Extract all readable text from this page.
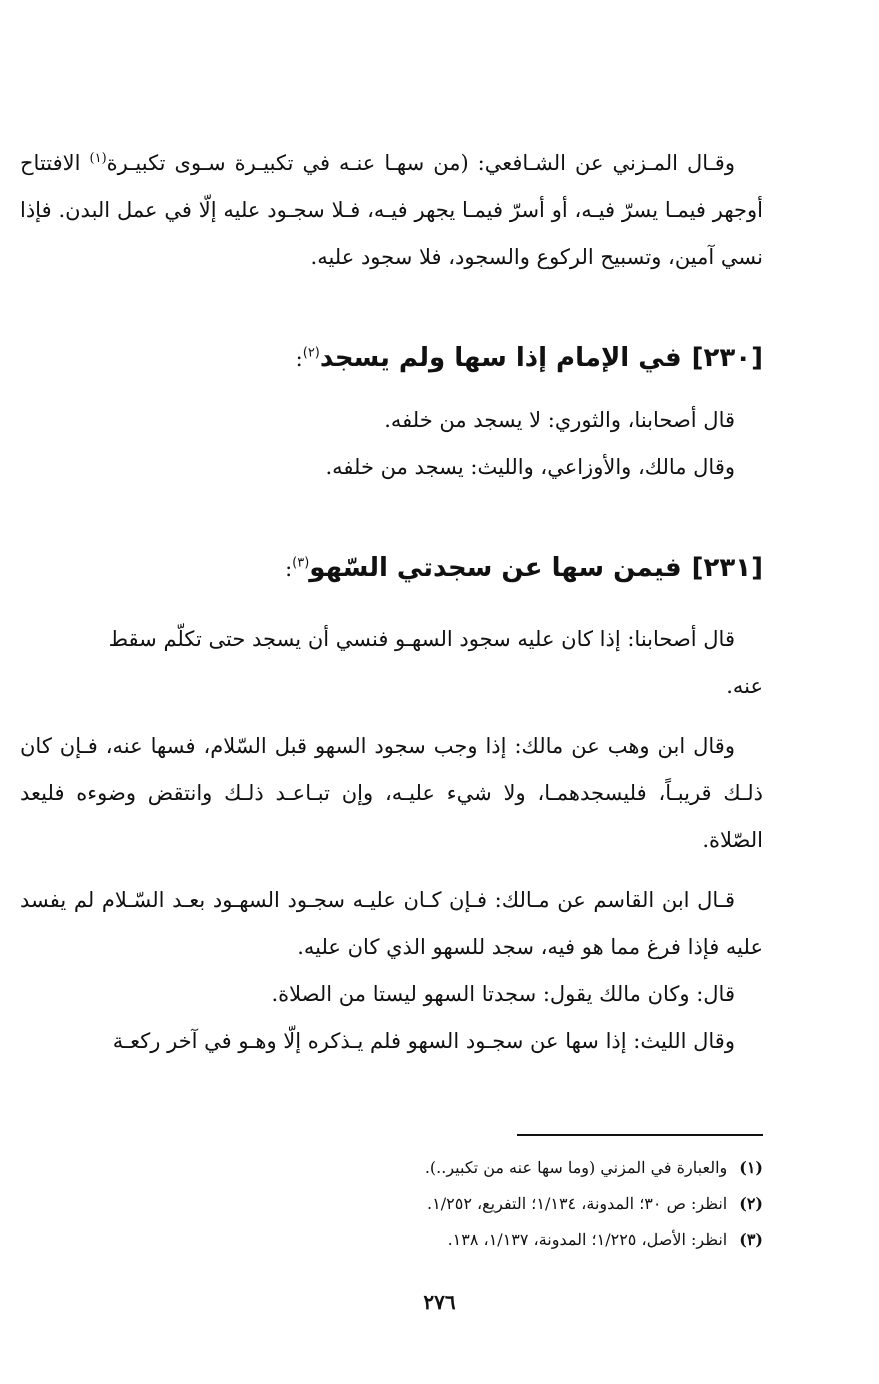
وقـال المـزني عن الشـافعي: (من سهـا عنـه في تكبيـرة سـوى تكبيـرة$^{(١)}$ الافتتاح أوجهر فيمـا يسرّ فيـه، أو أسرّ فيمـا يجهر فيـه، فـلا سجـود عليه إلّا في عمل البدن. فإذا نسي آمين، وتسبيح الركوع والسجود، فلا سجود عليه.

[٢٣٠]في الإمام إذا سها ولم يسجد$^{(٢)}$:

قال أصحابنا، والثوري: لا يسجد من خلفه.

وقال مالك، والأوزاعي، والليث: يسجد من خلفه.

[٢٣١]فيمن سها عن سجدتي السّهو$^{(٣)}$:

قال أصحابنا: إذا كان عليه سجود السهـو فنسي أن يسجد حتى تكلّم سقط

عنه.

وقال ابن وهب عن مالك: إذا وجب سجود السهو قبل السّلام، فسها عنه، فـإن كان ذلـك قريبـاً، فليسجدهمـا، ولا شيء عليـه، وإن تبـاعـد ذلـك وانتقض وضوءه فليعد الصّلاة.

قـال ابن القاسم عن مـالك: فـإن كـان عليـه سجـود السهـود بعـد السّـلام لم يفسد عليه فإذا فرغ مما هو فيه، سجد للسهو الذي كان عليه.

قال: وكان مالك يقول: سجدتا السهو ليستا من الصلاة.

وقال الليث: إذا سها عن سجـود السهو فلم يـذكره إلّا وهـو في آخر ركعـة

(١)والعبارة في المزني (وما سها عنه من تكبير..).

(٢)انظر: ص ٣٠؛ المدونة، ١/١٣٤؛ التفريع، ١/٢٥٢.

(٣)انظر: الأصل، ١/٢٢٥؛ المدونة، ١/١٣٧، ١٣٨.

٢٧٦
